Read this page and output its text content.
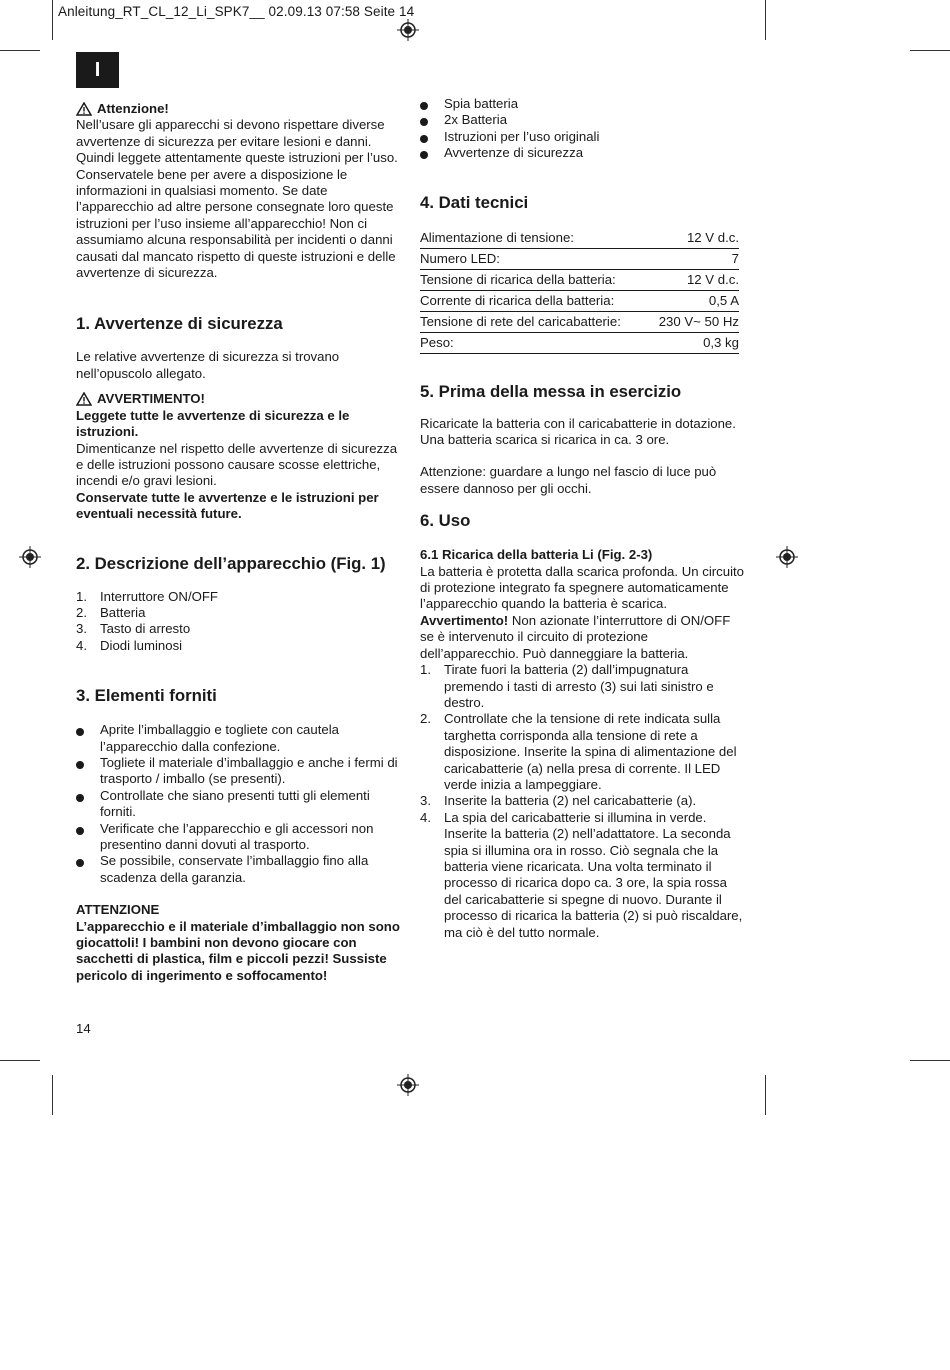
Anleitung_RT_CL_12_Li_SPK7__ 02.09.13 07:58 Seite 14
I
Attenzione!

Nell’usare gli apparecchi si devono rispettare diverse avvertenze di sicurezza per evitare lesioni e danni. Quindi leggete attentamente queste istruzioni per l’uso. Conservatele bene per avere a disposizione le informazioni in qualsiasi momento. Se date l’apparecchio ad altre persone consegnate loro queste istruzioni per l’uso insieme all’apparecchio! Non ci assumiamo alcuna responsabilità per incidenti o danni causati dal mancato rispetto di queste istruzioni e delle avvertenze di sicurezza.

1. Avvertenze di sicurezza

Le relative avvertenze di sicurezza si trovano nell’opuscolo allegato.

AVVERTIMENTO!

Leggete tutte le avvertenze di sicurezza e le istruzioni.

Dimenticanze nel rispetto delle avvertenze di sicurezza e delle istruzioni possono causare scosse elettriche, incendi e/o gravi lesioni.

Conservate tutte le avvertenze e le istruzioni per eventuali necessità future.

2. Descrizione dell’apparecchio (Fig. 1)
1. Interruttore ON/OFF
2. Batteria
3. Tasto di arresto
4. Diodi luminosi
3. Elementi forniti
Aprite l’imballaggio e togliete con cautela l’apparecchio dalla confezione.
Togliete il materiale d’imballaggio e anche i fermi di trasporto / imballo (se presenti).
Controllate che siano presenti tutti gli elementi forniti.
Verificate che l’apparecchio e gli accessori non presentino danni dovuti al trasporto.
Se possibile, conservate l’imballaggio fino alla scadenza della garanzia.

ATTENZIONE

L’apparecchio e il materiale d’imballaggio non sono giocattoli! I bambini non devono giocare con sacchetti di plastica, film e piccoli pezzi! Sussiste pericolo di ingerimento e soffocamento!

Spia batteria
2x Batteria
Istruzioni per l’uso originali
Avvertenze di sicurezza
4. Dati tecnici
Alimentazione di tensione:	12 V d.c.
Numero LED:	7
Tensione di ricarica della batteria:	12 V d.c.
Corrente di ricarica della batteria:	0,5 A
Tensione di rete del caricabatterie:	230 V~ 50 Hz
Peso:	0,3 kg
5. Prima della messa in esercizio

Ricaricate la batteria con il caricabatterie in dotazione. Una batteria scarica si ricarica in ca. 3 ore.

Attenzione: guardare a lungo nel fascio di luce può essere dannoso per gli occhi.

6. Uso

6.1 Ricarica della batteria Li (Fig. 2-3)

La batteria è protetta dalla scarica profonda. Un circuito di protezione integrato fa spegnere automaticamente l’apparecchio quando la batteria è scarica.

Avvertimento! Non azionate l’interruttore di ON/OFF se è intervenuto il circuito di protezione dell’apparecchio. Può danneggiare la batteria.

1. Tirate fuori la batteria (2) dall’impugnatura premendo i tasti di arresto (3) sui lati sinistro e destro.
2. Controllate che la tensione di rete indicata sulla targhetta corrisponda alla tensione di rete a disposizione. Inserite la spina di alimentazione del caricabatterie (a) nella presa di corrente. Il LED verde inizia a lampeggiare.
3. Inserite la batteria (2) nel caricabatterie (a).
4. La spia del caricabatterie si illumina in verde. Inserite la batteria (2) nell’adattatore. La seconda spia si illumina ora in rosso. Ciò segnala che la batteria viene ricaricata. Una volta terminato il processo di ricarica dopo ca. 3 ore, la spia rossa del caricabatterie si spegne di nuovo. Durante il processo di ricarica la batteria (2) si può riscaldare, ma ciò è del tutto normale.
14
